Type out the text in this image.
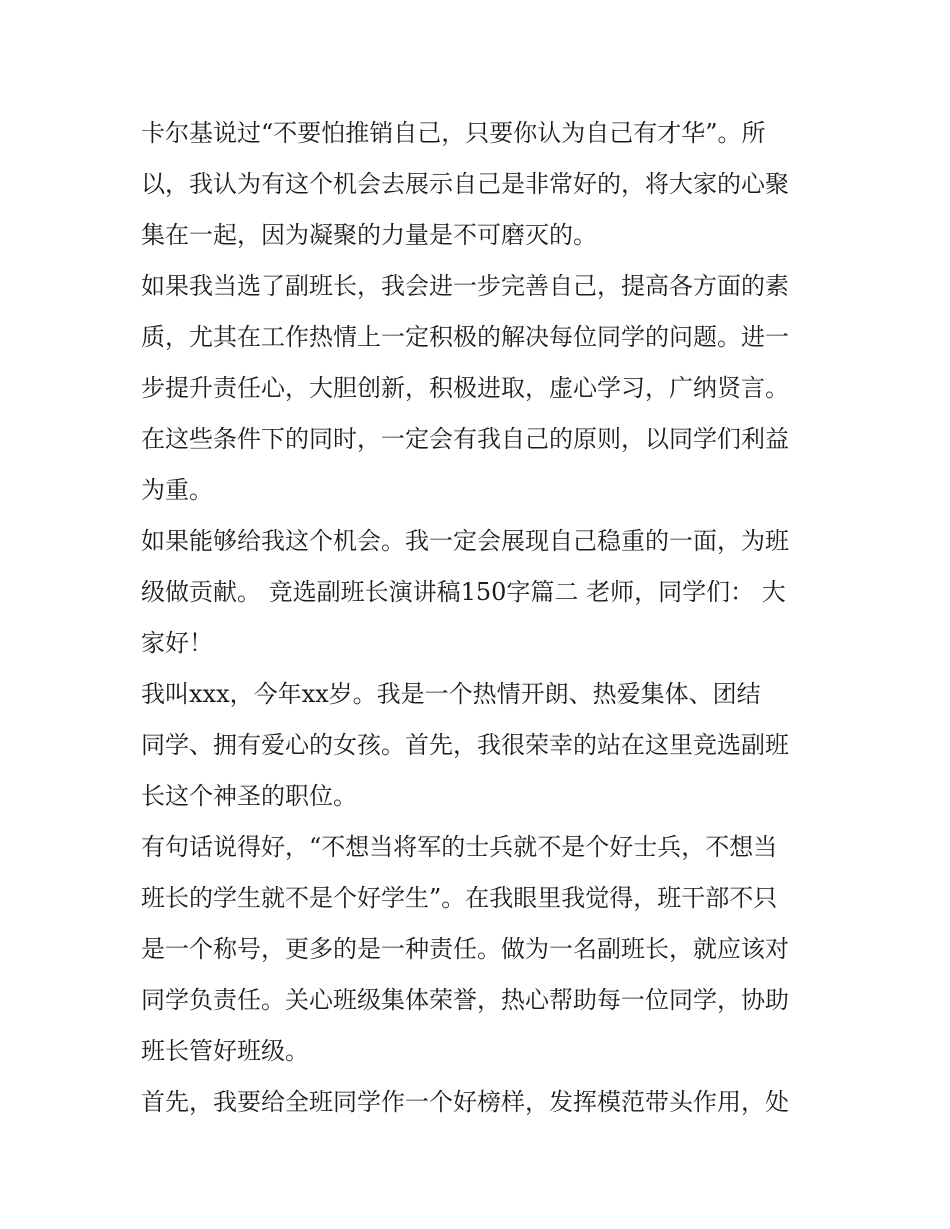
卡尔基说过“不要怕推销自己，只要你认为自己有才华”。所
以，我认为有这个机会去展示自己是非常好的，将大家的心聚
集在一起，因为凝聚的力量是不可磨灭的。
如果我当选了副班长，我会进一步完善自己，提高各方面的素
质，尤其在工作热情上一定积极的解决每位同学的问题。进一
步提升责任心，大胆创新，积极进取，虚心学习，广纳贤言。
在这些条件下的同时，一定会有我自己的原则，以同学们利益
为重。
如果能够给我这个机会。我一定会展现自己稳重的一面，为班
级做贡献。 竞选副班长演讲稿150字篇二 老师，同学们： 大
家好！
我叫xxx，今年xx岁。我是一个热情开朗、热爱集体、团结
同学、拥有爱心的女孩。首先，我很荣幸的站在这里竞选副班
长这个神圣的职位。
有句话说得好，“不想当将军的士兵就不是个好士兵，不想当
班长的学生就不是个好学生”。在我眼里我觉得，班干部不只
是一个称号，更多的是一种责任。做为一名副班长，就应该对
同学负责任。关心班级集体荣誉，热心帮助每一位同学，协助
班长管好班级。
首先，我要给全班同学作一个好榜样，发挥模范带头作用，处
